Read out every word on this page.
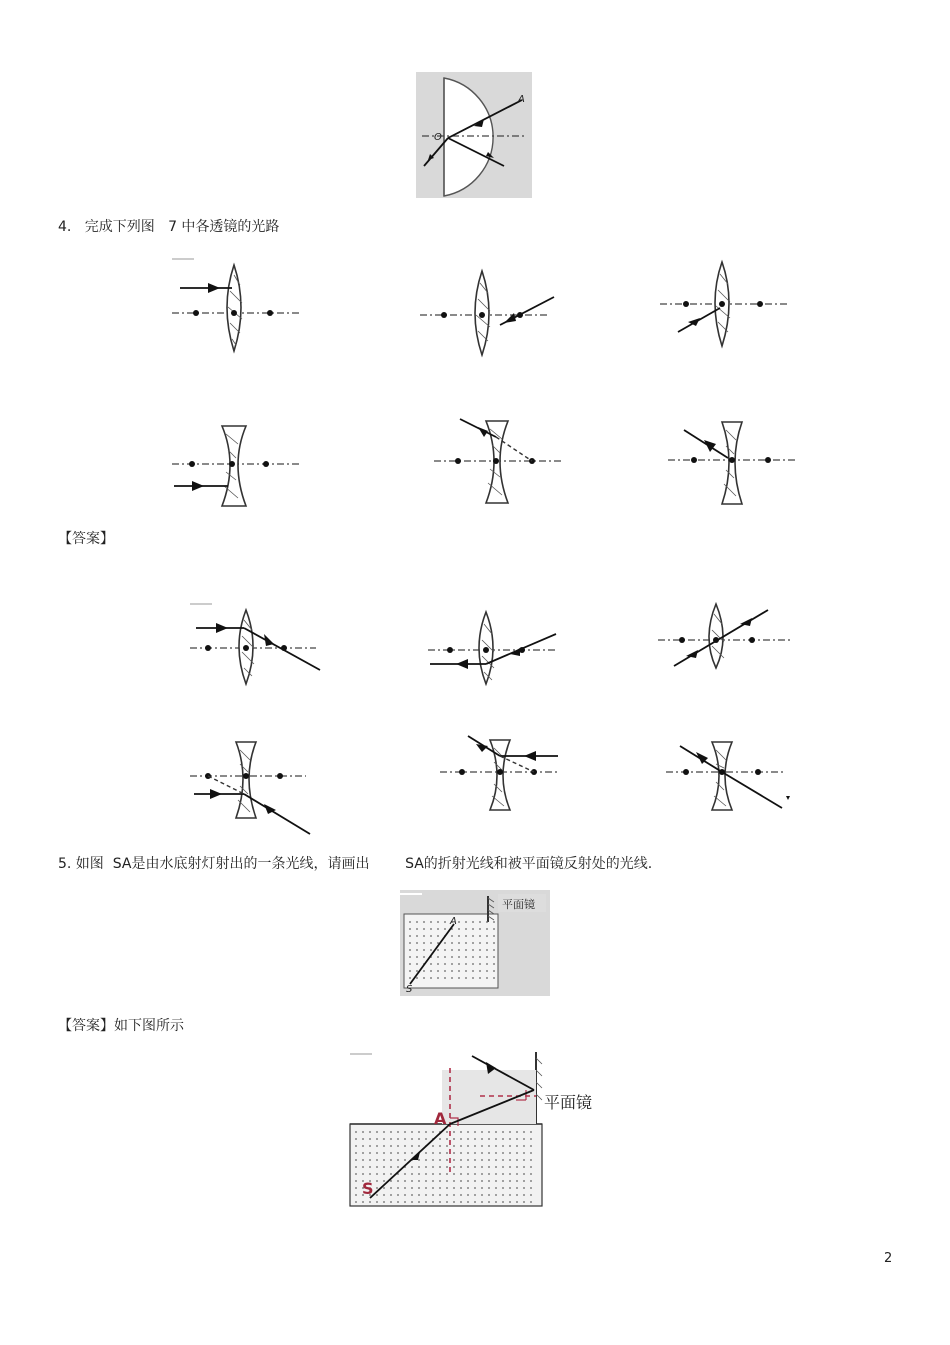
A
O
4. 完成下列图 7 中各透镜的光路
【答案】
5. 如图 SA是由水底射灯射出的一条光线，请画出	SA的折射光线和被平面镜反射处的光线.
平面镜
A
S
【答案】如下图所示
平面镜
A
S
2
